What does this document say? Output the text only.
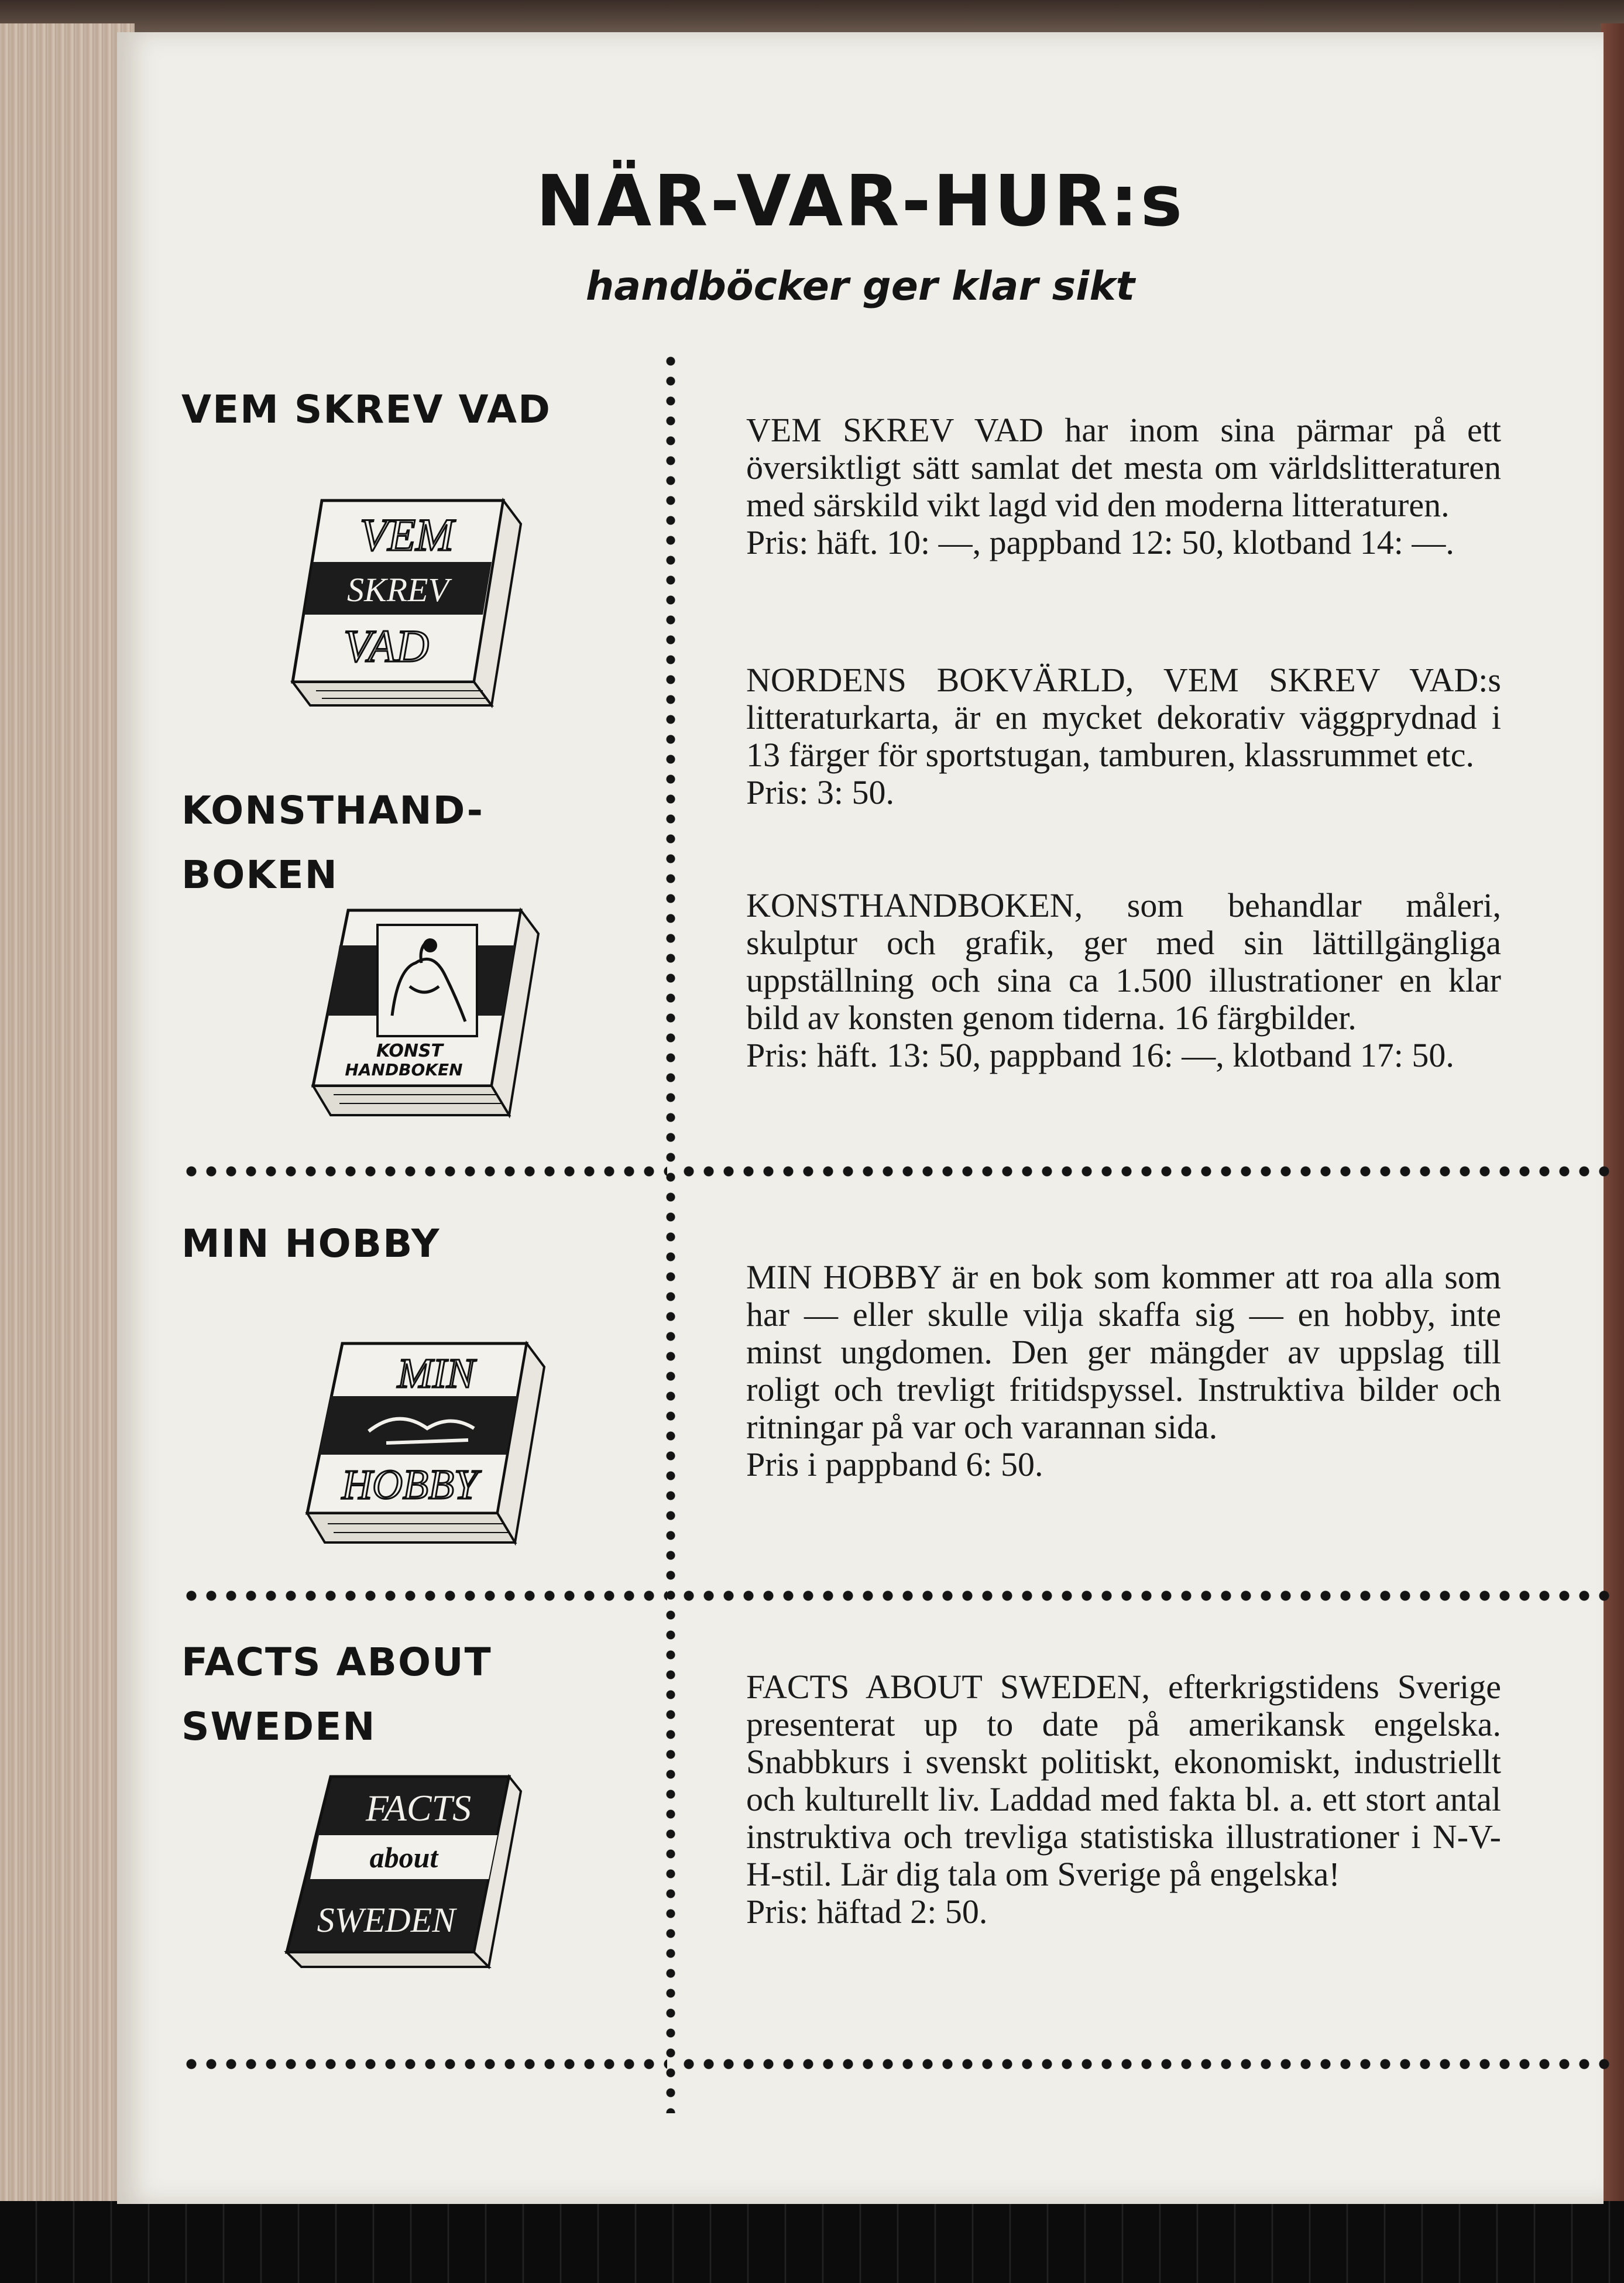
NÄR-VAR-HUR:s
handböcker ger klar sikt
VEM SKREV VAD
VEM
SKREV
VAD

VEM SKREV VAD har inom sina pärmar på ett översiktligt sätt samlat det mesta om världslitteraturen med särskild vikt lagd vid den moderna litteraturen.

Pris: häft. 10: —, pappband 12: 50, klotband 14: —.

NORDENS BOKVÄRLD, VEM SKREV VAD:s litteraturkarta, är en mycket dekorativ väggprydnad i 13 färger för sportstugan, tamburen, klassrummet etc.

Pris: 3: 50.

KONSTHAND-
BOKEN
KONST
HANDBOKEN

KONSTHANDBOKEN, som behandlar måleri, skulptur och grafik, ger med sin lättillgängliga uppställning och sina ca 1.500 illustrationer en klar bild av konsten genom tiderna. 16 färgbilder.

Pris: häft. 13: 50, pappband 16: —, klotband 17: 50.

MIN HOBBY
MIN
HOBBY

MIN HOBBY är en bok som kommer att roa alla som har — eller skulle vilja skaffa sig — en hobby, inte minst ungdomen. Den ger mängder av uppslag till roligt och trevligt fritidspyssel. Instruktiva bilder och ritningar på var och varannan sida.

Pris i pappband 6: 50.

FACTS ABOUT
SWEDEN
FACTS
about
SWEDEN

FACTS ABOUT SWEDEN, efterkrigstidens Sverige presenterat up to date på amerikansk engelska. Snabbkurs i svenskt politiskt, ekonomiskt, industriellt och kulturellt liv. Laddad med fakta bl. a. ett stort antal instruktiva och trevliga statistiska illustrationer i N-V-H-stil. Lär dig tala om Sverige på engelska!

Pris: häftad 2: 50.
